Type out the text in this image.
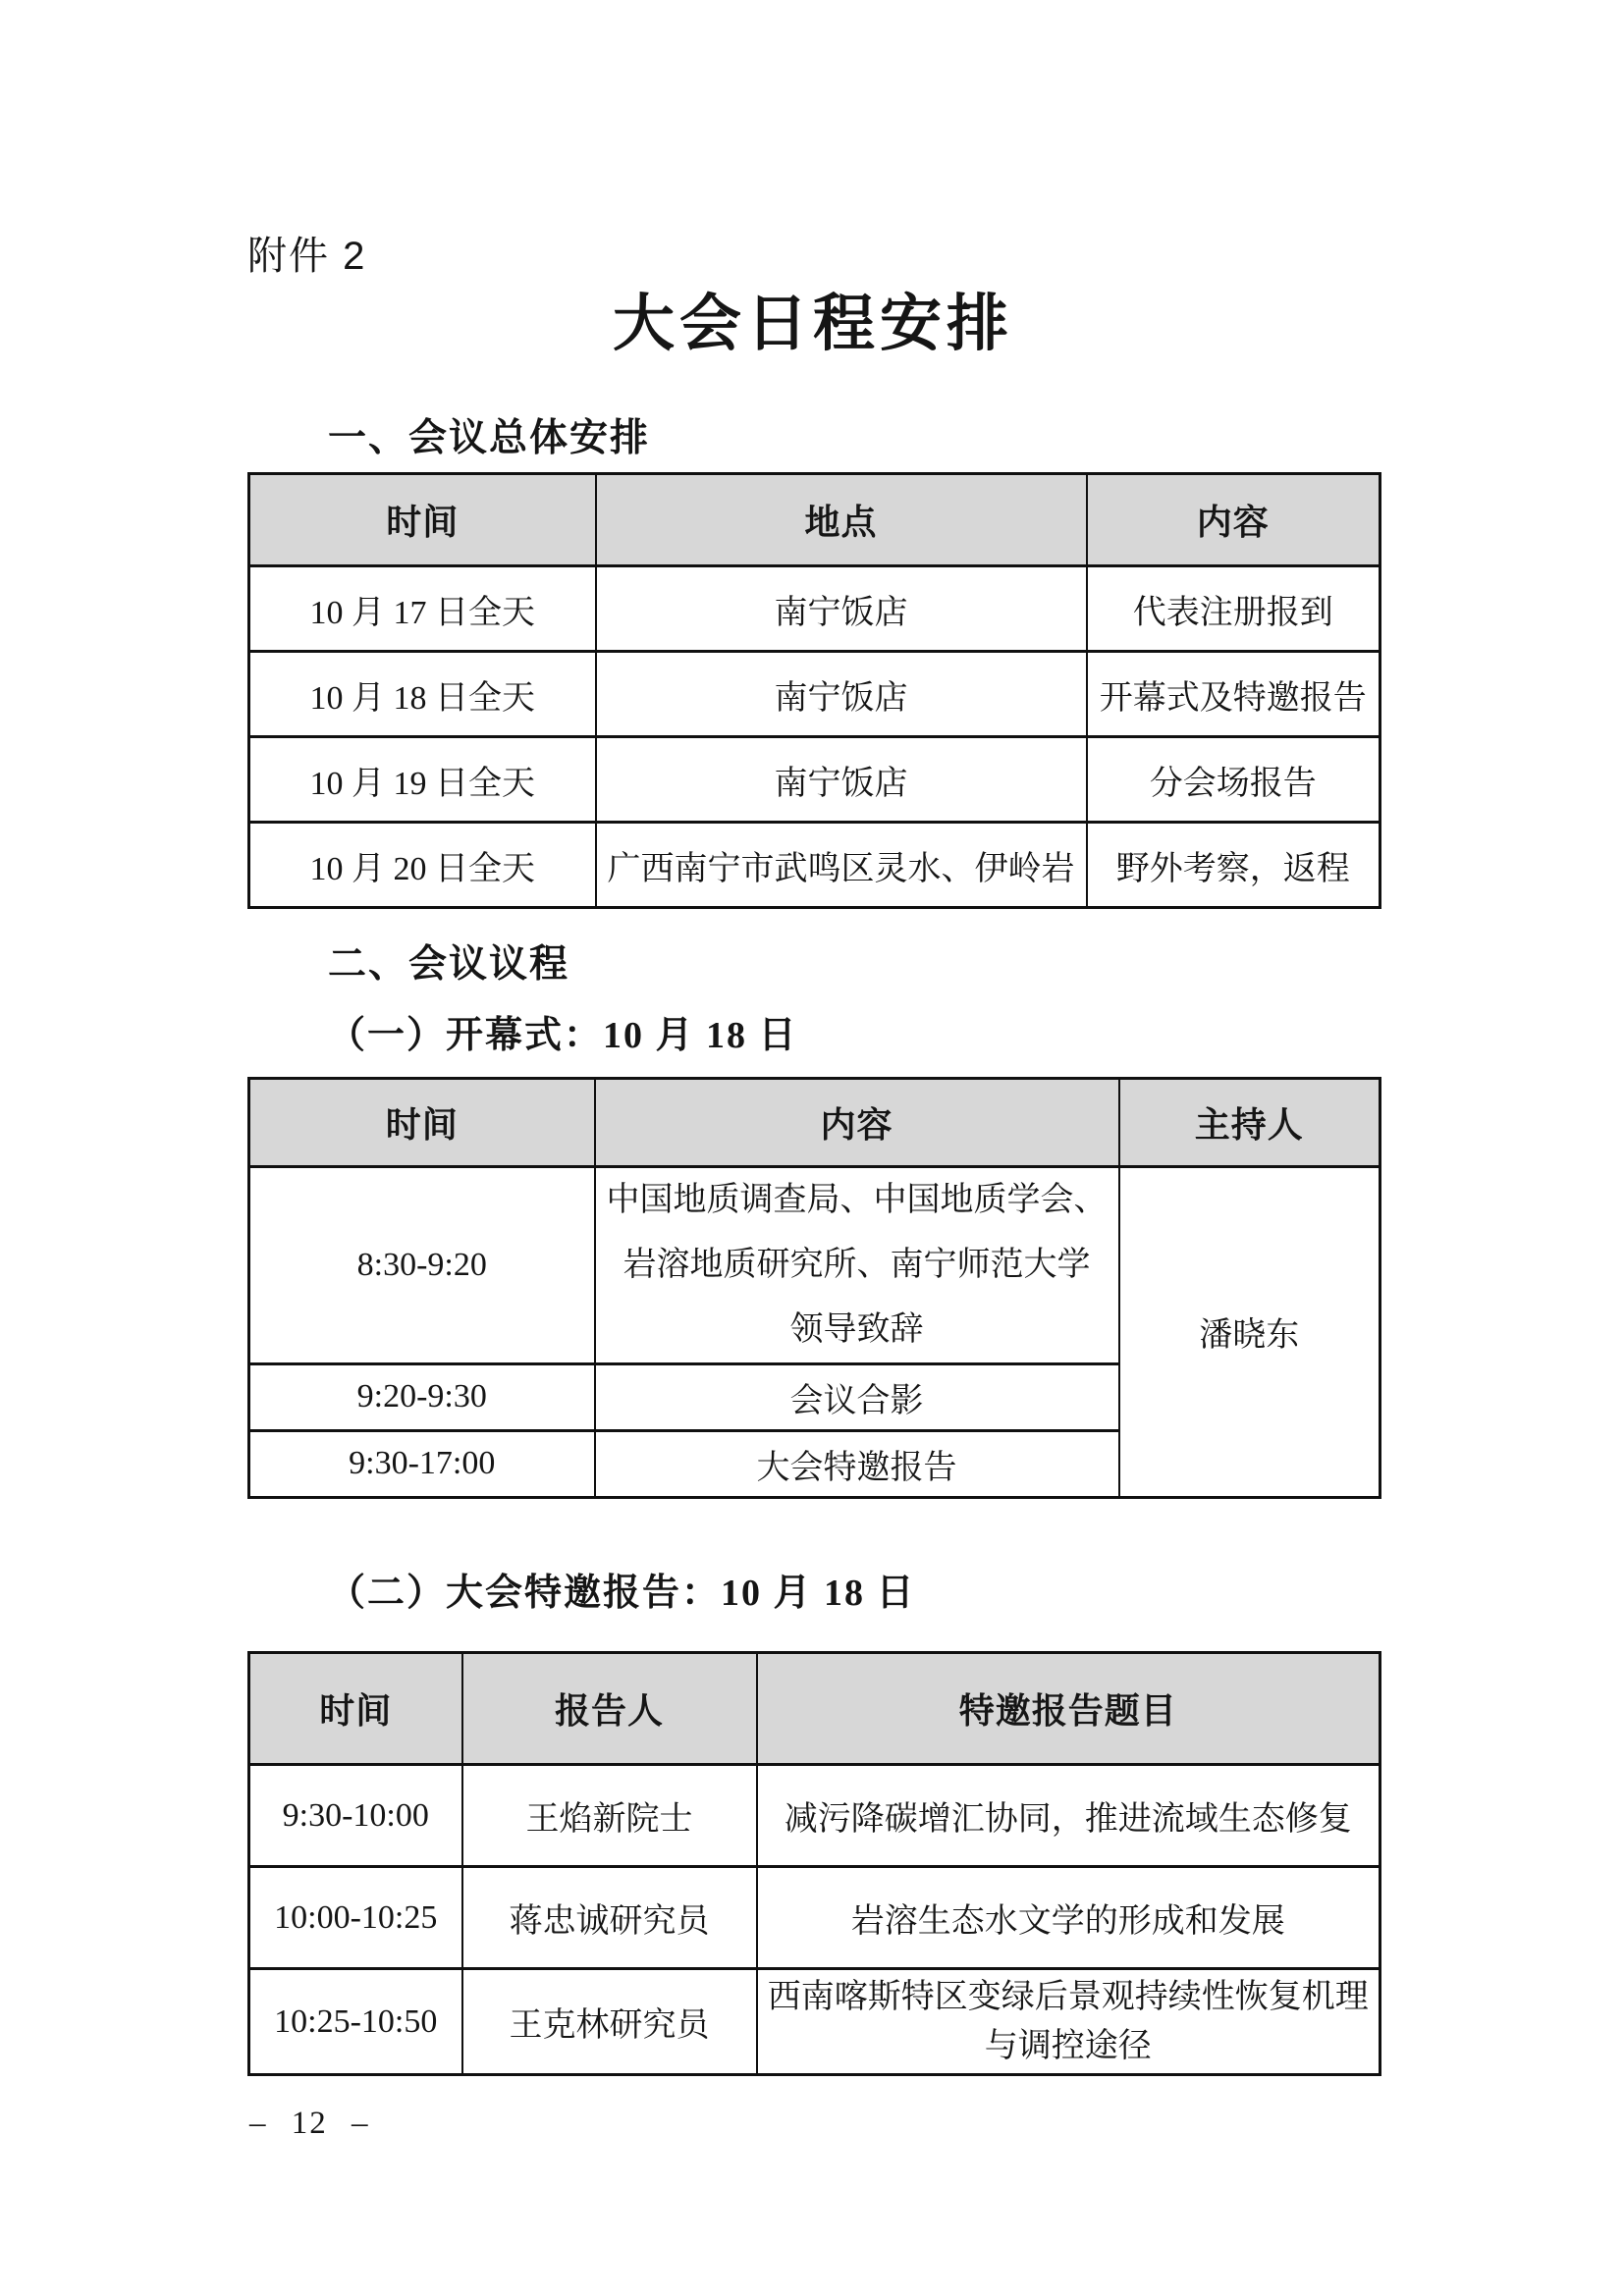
附件 2
大会日程安排
一、会议总体安排
时间	地点	内容
10 月 17 日全天	南宁饭店	代表注册报到
10 月 18 日全天	南宁饭店	开幕式及特邀报告
10 月 19 日全天	南宁饭店	分会场报告
10 月 20 日全天	广西南宁市武鸣区灵水、伊岭岩	野外考察，返程
二、会议议程
（一）开幕式：10 月 18 日
时间	内容	主持人
8:30-9:20	中国地质调查局、中国地质学会、
岩溶地质研究所、南宁师范大学
领导致辞	潘晓东
9:20-9:30	会议合影	
9:30-17:00	大会特邀报告	
（二）大会特邀报告：10 月 18 日
时间	报告人	特邀报告题目
9:30-10:00	王焰新院士	减污降碳增汇协同，推进流域生态修复
10:00-10:25	蒋忠诚研究员	岩溶生态水文学的形成和发展
10:25-10:50	王克林研究员	西南喀斯特区变绿后景观持续性恢复机理
与调控途径
– 12 –
